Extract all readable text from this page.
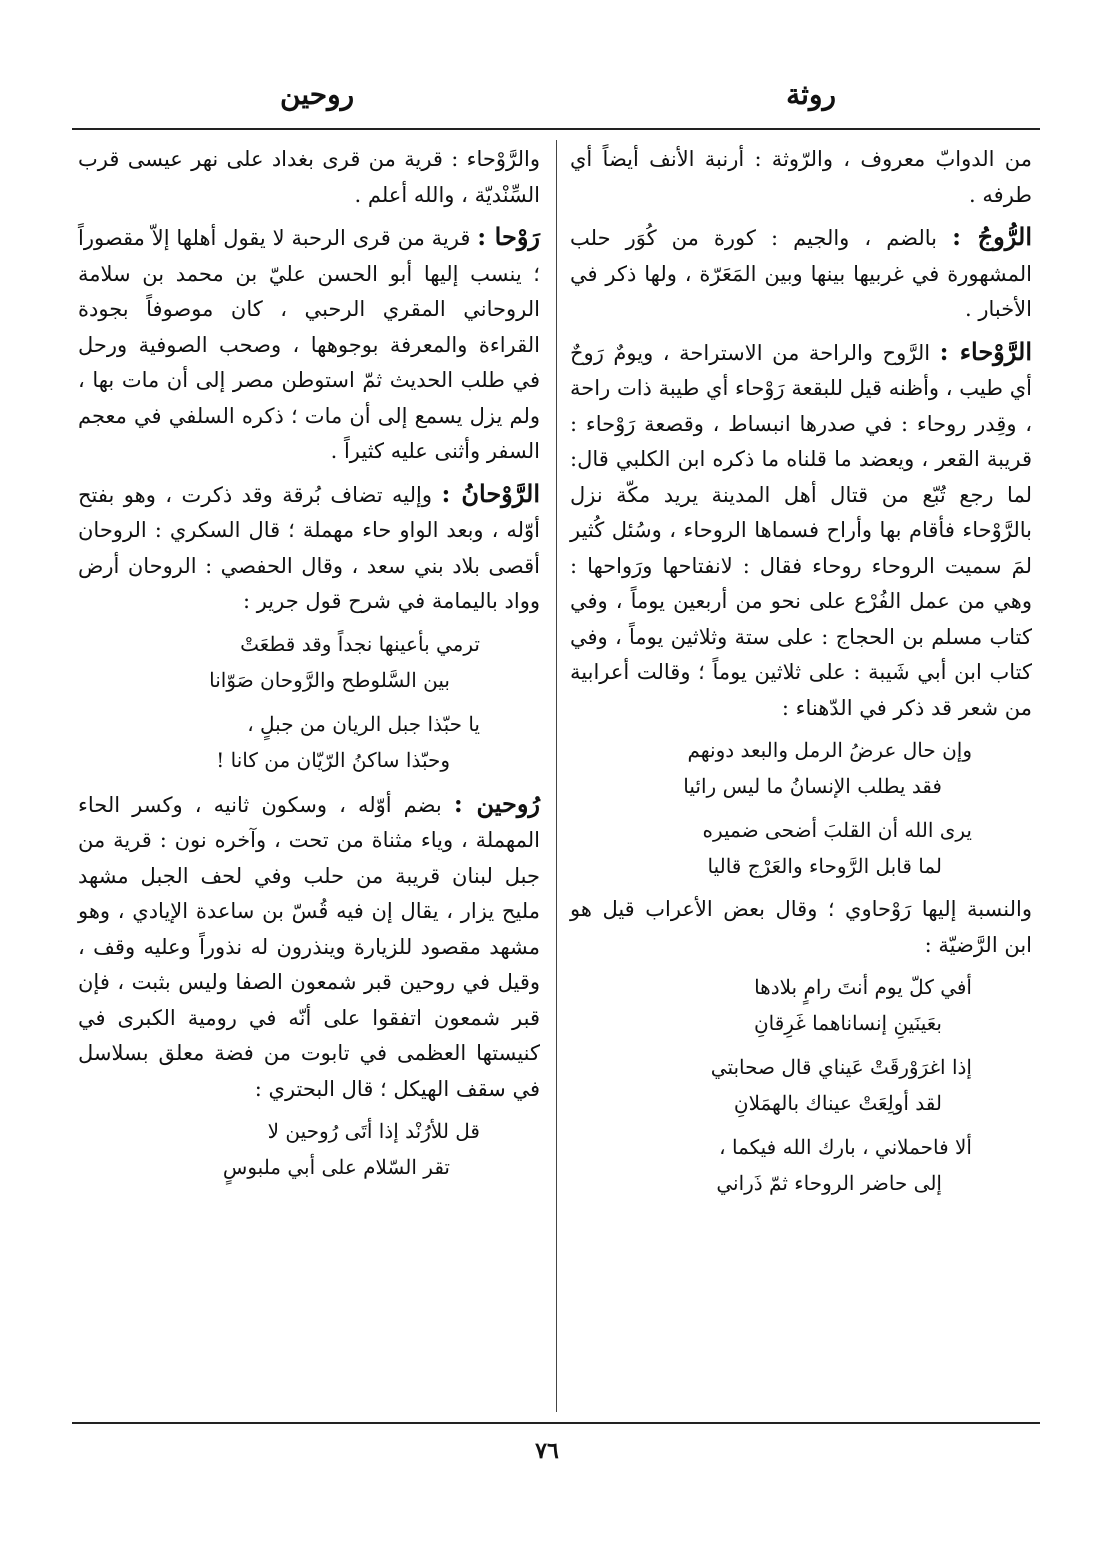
روثة
روحين

من الدوابّ معروف ، والرّوثة : أرنبة الأنف أيضاً أي طرفه .

الرُّوجُ : بالضم ، والجيم : كورة من كُوَر حلب المشهورة في غربيها بينها وبين المَعَرّة ، ولها ذكر في الأخبار .

الرَّوْحاء : الرَّوح والراحة من الاستراحة ، ويومٌ رَوحٌ أي طيب ، وأظنه قيل للبقعة رَوْحاء أي طيبة ذات راحة ، وقِدر روحاء : في صدرها انبساط ، وقصعة رَوْحاء : قريبة القعر ، ويعضد ما قلناه ما ذكره ابن الكلبي قال: لما رجع تُبّع من قتال أهل المدينة يريد مكّة نزل بالرَّوْحاء فأقام بها وأراح فسماها الروحاء ، وسُئل كُثير لمَ سميت الروحاء روحاء فقال : لانفتاحها ورَواحها : وهي من عمل الفُرْع على نحو من أربعين يوماً ، وفي كتاب مسلم بن الحجاج : على ستة وثلاثين يوماً ، وفي كتاب ابن أبي شَيبة : على ثلاثين يوماً ؛ وقالت أعرابية من شعر قد ذكر في الدّهناء :

وإن حال عرضُ الرمل والبعد دونهم
فقد يطلب الإنسانُ ما ليس رائيا
يرى الله أن القلبَ أضحى ضميره
لما قابل الرَّوحاء والعَرْج قاليا

والنسبة إليها رَوْحاوي ؛ وقال بعض الأعراب قيل هو ابن الرَّضيّة :

أفي كلّ يوم أنتَ رامٍ بلادها
بعَينَينِ إنساناهما غَرِقانِ
إذا اغرَوْرقَتْ عَيناي قال صحابتي
لقد أولِعَتْ عيناك بالهمَلانِ
ألا فاحملاني ، بارك الله فيكما ،
إلى حاضر الروحاء ثمّ ذَراني

والرَّوْحاء : قرية من قرى بغداد على نهر عيسى قرب السِّنْديّة ، والله أعلم .

رَوْحا : قرية من قرى الرحبة لا يقول أهلها إلاّ مقصوراً ؛ ينسب إليها أبو الحسن عليّ بن محمد بن سلامة الروحاني المقري الرحبي ، كان موصوفاً بجودة القراءة والمعرفة بوجوهها ، وصحب الصوفية ورحل في طلب الحديث ثمّ استوطن مصر إلى أن مات بها ، ولم يزل يسمع إلى أن مات ؛ ذكره السلفي في معجم السفر وأثنى عليه كثيراً .

الرَّوْحانُ : وإليه تضاف بُرقة وقد ذكرت ، وهو بفتح أوّله ، وبعد الواو حاء مهملة ؛ قال السكري : الروحان أقصى بلاد بني سعد ، وقال الحفصي : الروحان أرض وواد باليمامة في شرح قول جرير :

ترمي بأعينها نجداً وقد قطعَتْ
بين السَّلوطح والرَّوحان صَوّانا
يا حبّذا جبل الريان من جبلٍ ،
وحبّذا ساكنُ الرّيّان من كانا !

رُوحين : بضم أوّله ، وسكون ثانيه ، وكسر الحاء المهملة ، وياء مثناة من تحت ، وآخره نون : قرية من جبل لبنان قريبة من حلب وفي لحف الجبل مشهد مليح يزار ، يقال إن فيه قُسّ بن ساعدة الإيادي ، وهو مشهد مقصود للزيارة وينذرون له نذوراً وعليه وقف ، وقيل في روحين قبر شمعون الصفا وليس بثبت ، فإن قبر شمعون اتفقوا على أنّه في رومية الكبرى في كنيستها العظمى في تابوت من فضة معلق بسلاسل في سقف الهيكل ؛ قال البحتري :

قل للأرُنْد إذا أتَى رُوحين لا
تقر السّلام على أبي ملبوسٍ
٧٦
